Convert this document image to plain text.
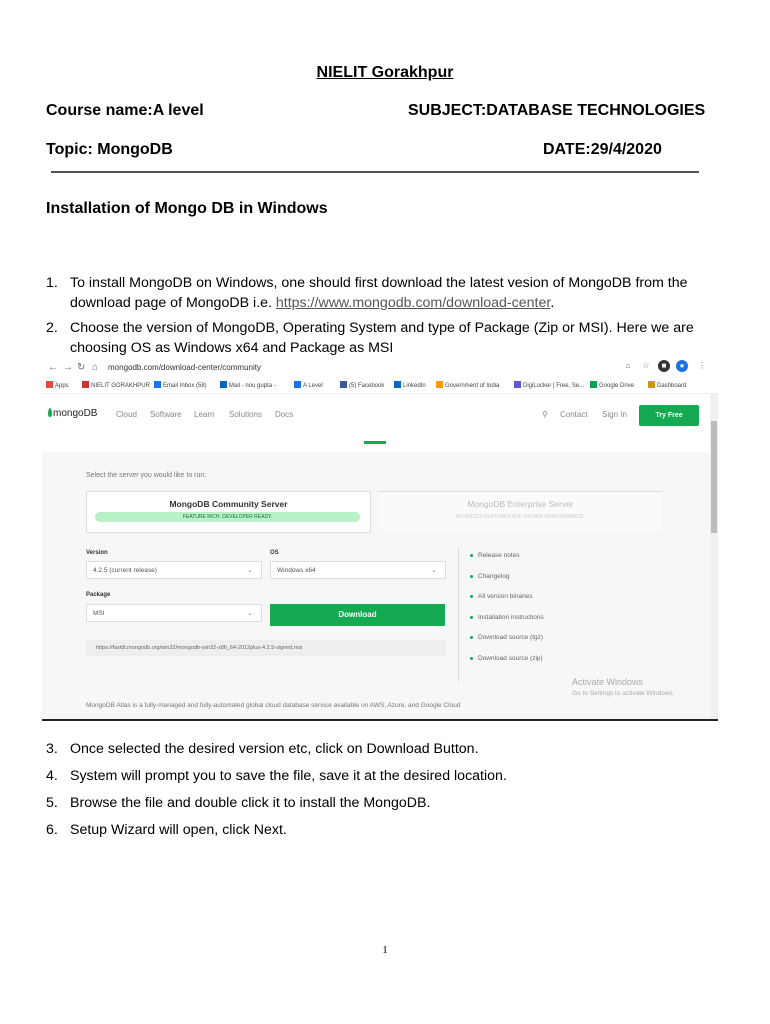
NIELIT Gorakhpur
Course name:A level	SUBJECT:DATABASE TECHNOLOGIES
Topic: MongoDB	DATE:29/4/2020
Installation of Mongo DB in Windows
1. To install MongoDB on Windows, one should first download the latest vesion of MongoDB from the download page of MongoDB i.e. https://www.mongodb.com/download-center.
2. Choose the version of MongoDB, Operating System and type of Package (Zip or MSI). Here we are choosing OS as Windows x64 and Package as MSI
← → ↻ ⌂ mongodb.com/download-center/community	⌂	☆	■	●	⋮
Apps	NIELIT GORAKHPUR	Email Inbox (58)	Mail - nou gupta -	A Level	(5) Facebook	LinkedIn	Government of India	DigiLocker | Free, Se...	Google Drive	Dashboard
mongoDB Cloud Software Learn Solutions Docs	⚲ Contact Sign In	Try Free
Select the server you would like to run:
MongoDB Community Server
FEATURE RICH. DEVELOPER READY.
MongoDB Enterprise Server
ADVANCED FEATURES AND HIGHER PERFORMANCE
Version
4.2.5 (current release)	⌄
OS
Windows x64	⌄
Package
MSI	⌄	Download
https://fastdl.mongodb.org/win32/mongodb-win32-x86_64-2012plus-4.2.5-signed.msi
Release notes
Changelog
All version binaries
Installation instructions
Download source (tgz)
Download source (zip)
Activate Windows
Go to Settings to activate Windows.
MongoDB Atlas is a fully-managed and fully-automated global cloud database service available on AWS, Azure, and Google Cloud
3. Once selected the desired version etc, click on Download Button.
4. System will prompt you to save the file, save it at the desired location.
5. Browse the file and double click it to install the MongoDB.
6. Setup Wizard will open, click Next.
1
